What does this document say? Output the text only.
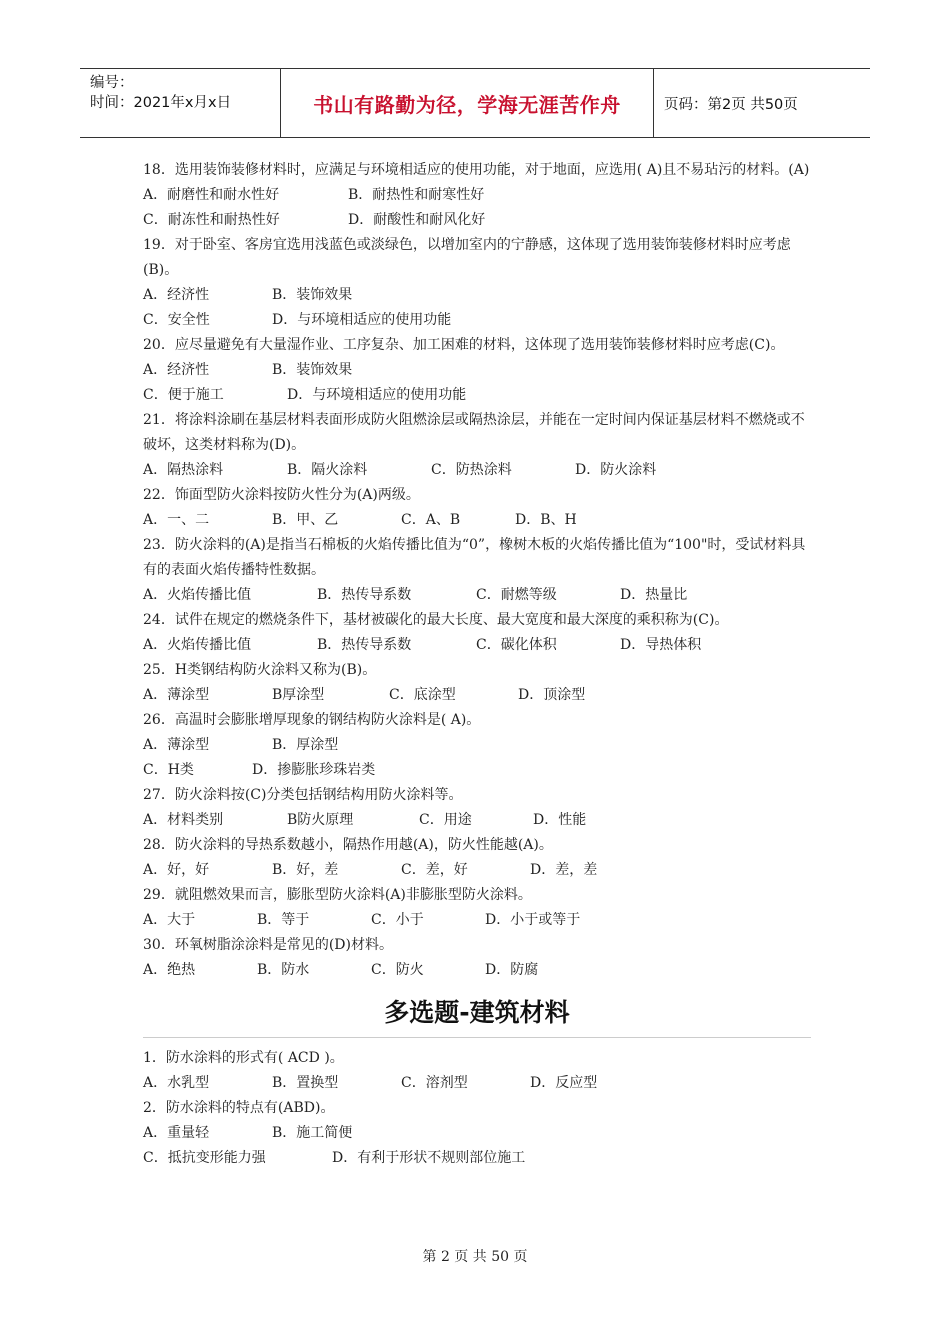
编号：
时间：2021年x月x日	书山有路勤为径，学海无涯苦作舟	页码：第2页 共50页
18．选用装饰装修材料时，应满足与环境相适应的使用功能，对于地面，应选用( A)且不易玷污的材料。(A)
A．耐磨性和耐水性好	B．耐热性和耐寒性好
C．耐冻性和耐热性好	D．耐酸性和耐风化好
19．对于卧室、客房宜选用浅蓝色或淡绿色，以增加室内的宁静感，这体现了选用装饰装修材料时应考虑(B)。
A．经济性	B．装饰效果
C．安全性	D．与环境相适应的使用功能
20．应尽量避免有大量湿作业、工序复杂、加工困难的材料，这体现了选用装饰装修材料时应考虑(C)。
A．经济性	B．装饰效果
C．便于施工	D．与环境相适应的使用功能
21．将涂料涂刷在基层材料表面形成防火阻燃涂层或隔热涂层，并能在一定时间内保证基层材料不燃烧或不破坏，这类材料称为(D)。
A．隔热涂料	B．隔火涂料	C．防热涂料	D．防火涂料
22．饰面型防火涂料按防火性分为(A)两级。
A．一、二	B．甲、乙	C．A、B	D．B、H
23．防火涂料的(A)是指当石棉板的火焰传播比值为“0”，橡树木板的火焰传播比值为“100"时，受试材料具有的表面火焰传播特性数据。
A．火焰传播比值	B．热传导系数	C．耐燃等级	D．热量比
24．试件在规定的燃烧条件下，基材被碳化的最大长度、最大宽度和最大深度的乘积称为(C)。
A．火焰传播比值	B．热传导系数	C．碳化体积	D．导热体积
25．H类钢结构防火涂料又称为(B)。
A．薄涂型	B厚涂型	C．底涂型	D．顶涂型
26．高温时会膨胀增厚现象的钢结构防火涂料是( A)。
A．薄涂型	B．厚涂型
C．H类	D．掺膨胀珍珠岩类
27．防火涂料按(C)分类包括钢结构用防火涂料等。
A．材料类别	B防火原理	C．用途	D．性能
28．防火涂料的导热系数越小，隔热作用越(A)，防火性能越(A)。
A．好，好	B．好，差	C．差，好	D．差，差
29．就阻燃效果而言，膨胀型防火涂料(A)非膨胀型防火涂料。
A．大于	B．等于	C．小于	D．小于或等于
30．环氧树脂涂涂料是常见的(D)材料。
A．绝热	B．防水	C．防火	D．防腐
多选题-建筑材料
1．防水涂料的形式有( ACD )。
A．水乳型	B．置换型	C．溶剂型	D．反应型
2．防水涂料的特点有(ABD)。
A．重量轻	B．施工简便
C．抵抗变形能力强	D．有利于形状不规则部位施工
第 2 页 共 50 页
